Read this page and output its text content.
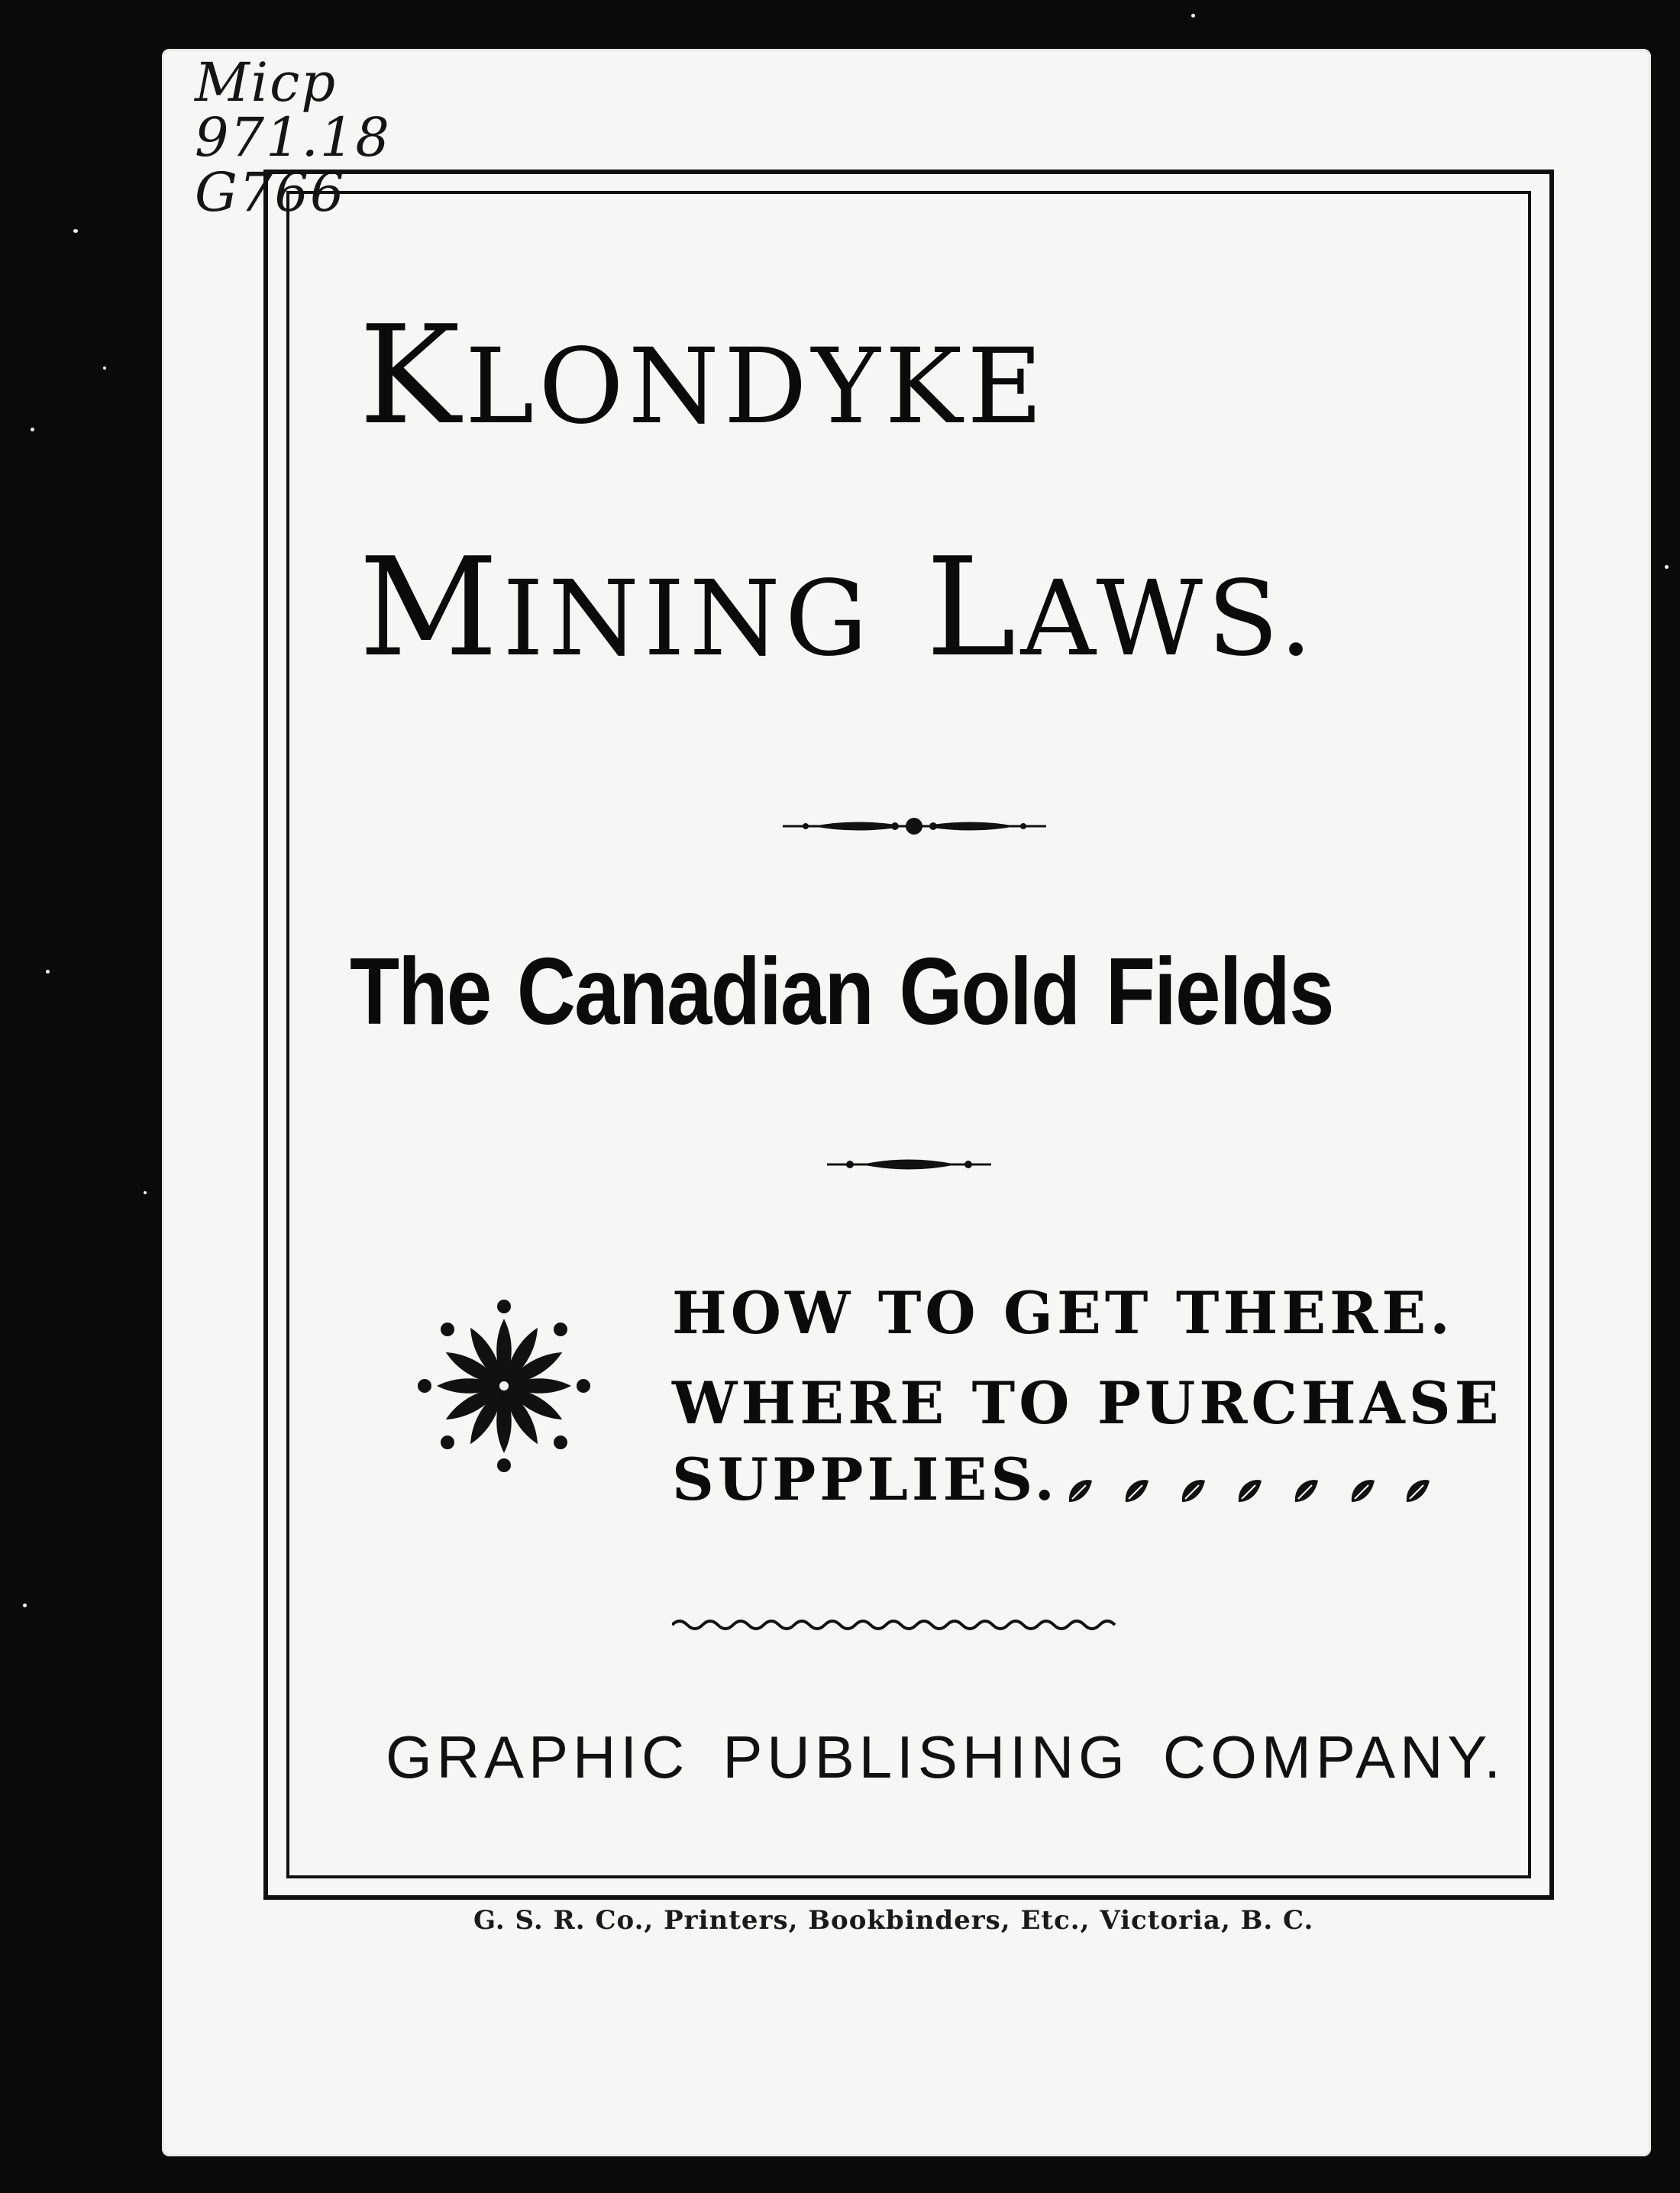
Micp
971.18
G766
KLONDYKE
MINING LAWS.
The Canadian Gold Fields
HOW TO GET THERE.
WHERE TO PURCHASE
SUPPLIES.
GRAPHIC PUBLISHING COMPANY.
G. S. R. Co., Printers, Bookbinders, Etc., Victoria, B. C.
